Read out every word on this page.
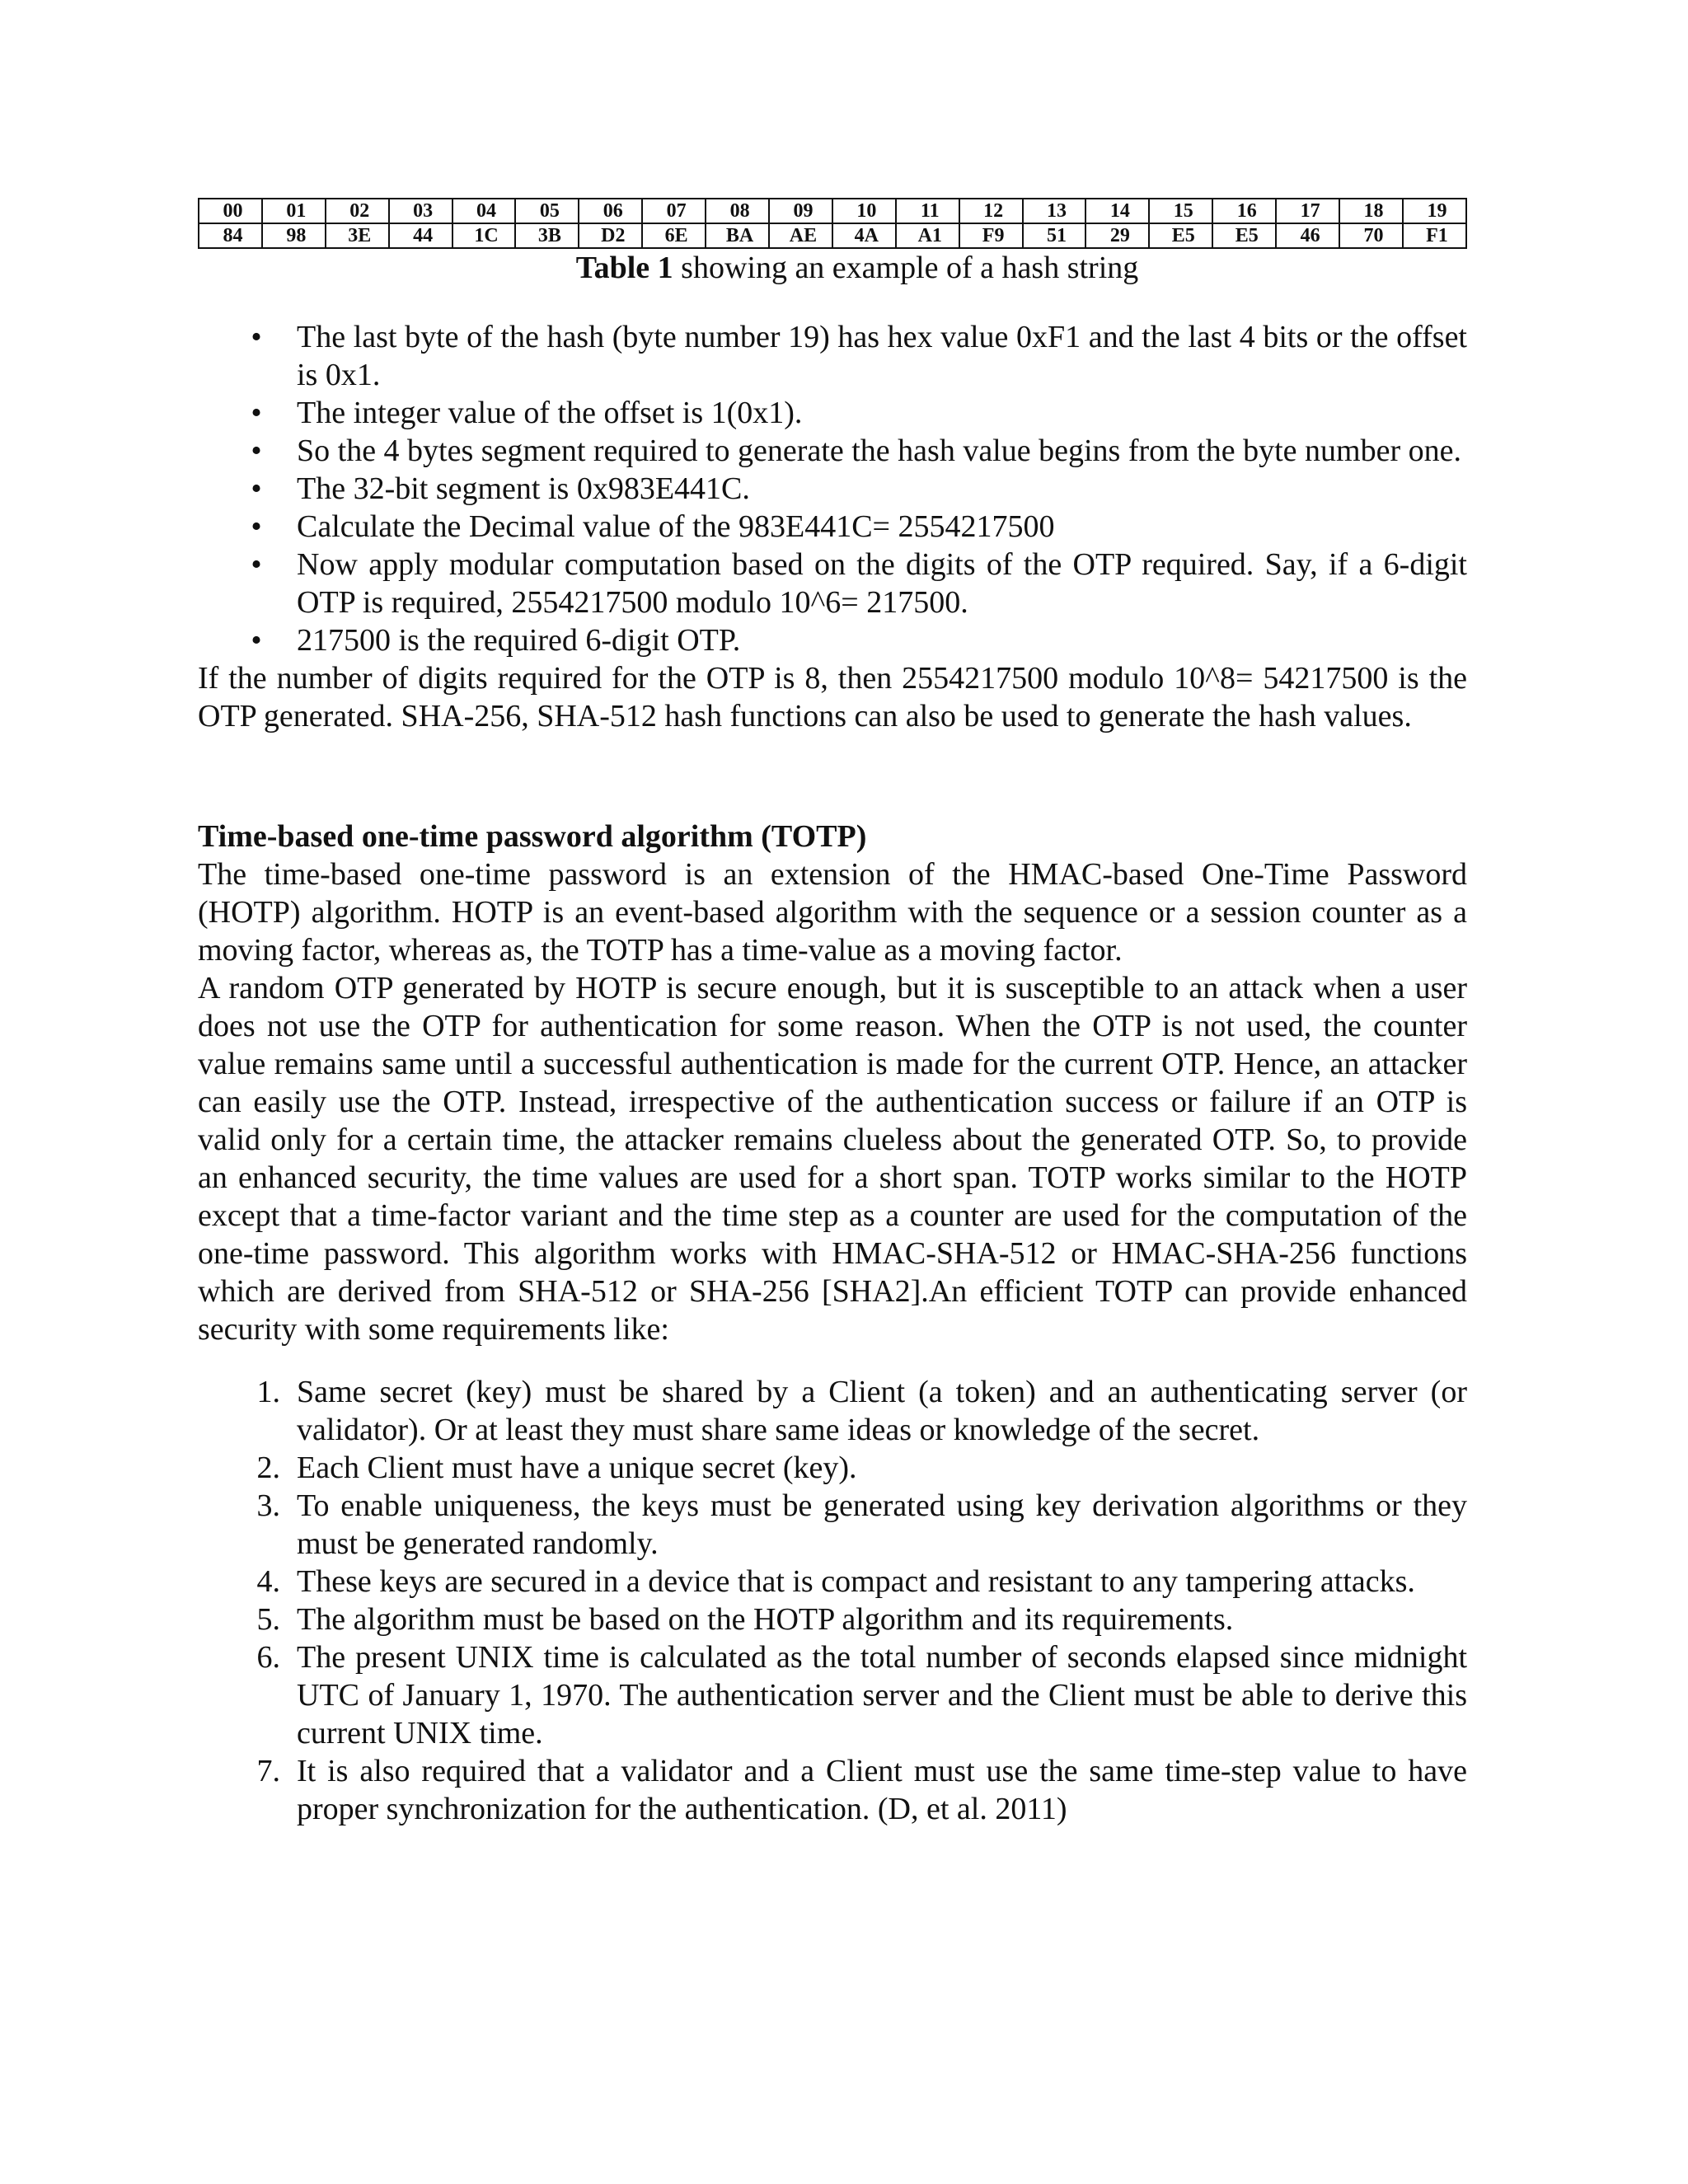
00	01	02	03	04	05	06	07	08	09	10	11	12	13	14	15	16	17	18	19
84	98	3E	44	1C	3B	D2	6E	BA	AE	4A	A1	F9	51	29	E5	E5	46	70	F1
Table 1 showing an example of a hash string
• The last byte of the hash (byte number 19) has hex value 0xF1 and the last 4 bits or the offset is 0x1.
• The integer value of the offset is 1(0x1).
• So the 4 bytes segment required to generate the hash value begins from the byte number one.
• The 32-bit segment is 0x983E441C.
• Calculate the Decimal value of the 983E441C= 2554217500
• Now apply modular computation based on the digits of the OTP required. Say, if a 6-digit OTP is required, 2554217500 modulo 10^6= 217500.
• 217500 is the required 6-digit OTP.

If the number of digits required for the OTP is 8, then 2554217500 modulo 10^8= 54217500 is the OTP generated. SHA-256, SHA-512 hash functions can also be used to generate the hash values.

Time-based one-time password algorithm (TOTP)

The time-based one-time password is an extension of the HMAC-based One-Time Password (HOTP) algorithm. HOTP is an event-based algorithm with the sequence or a session counter as a moving factor, whereas as, the TOTP has a time-value as a moving factor.

A random OTP generated by HOTP is secure enough, but it is susceptible to an attack when a user does not use the OTP for authentication for some reason. When the OTP is not used, the counter value remains same until a successful authentication is made for the current OTP. Hence, an attacker can easily use the OTP. Instead, irrespective of the authentication success or failure if an OTP is valid only for a certain time, the attacker remains clueless about the generated OTP. So, to provide an enhanced security, the time values are used for a short span. TOTP works similar to the HOTP except that a time-factor variant and the time step as a counter are used for the computation of the one-time password. This algorithm works with HMAC-SHA-512 or HMAC-SHA-256 functions which are derived from SHA-512 or SHA-256 [SHA2].An efficient TOTP can provide enhanced security with some requirements like:

1. Same secret (key) must be shared by a Client (a token) and an authenticating server (or validator). Or at least they must share same ideas or knowledge of the secret.
2. Each Client must have a unique secret (key).
3. To enable uniqueness, the keys must be generated using key derivation algorithms or they must be generated randomly.
4. These keys are secured in a device that is compact and resistant to any tampering attacks.
5. The algorithm must be based on the HOTP algorithm and its requirements.
6. The present UNIX time is calculated as the total number of seconds elapsed since midnight UTC of January 1, 1970. The authentication server and the Client must be able to derive this current UNIX time.
7. It is also required that a validator and a Client must use the same time-step value to have proper synchronization for the authentication. (D, et al. 2011)
